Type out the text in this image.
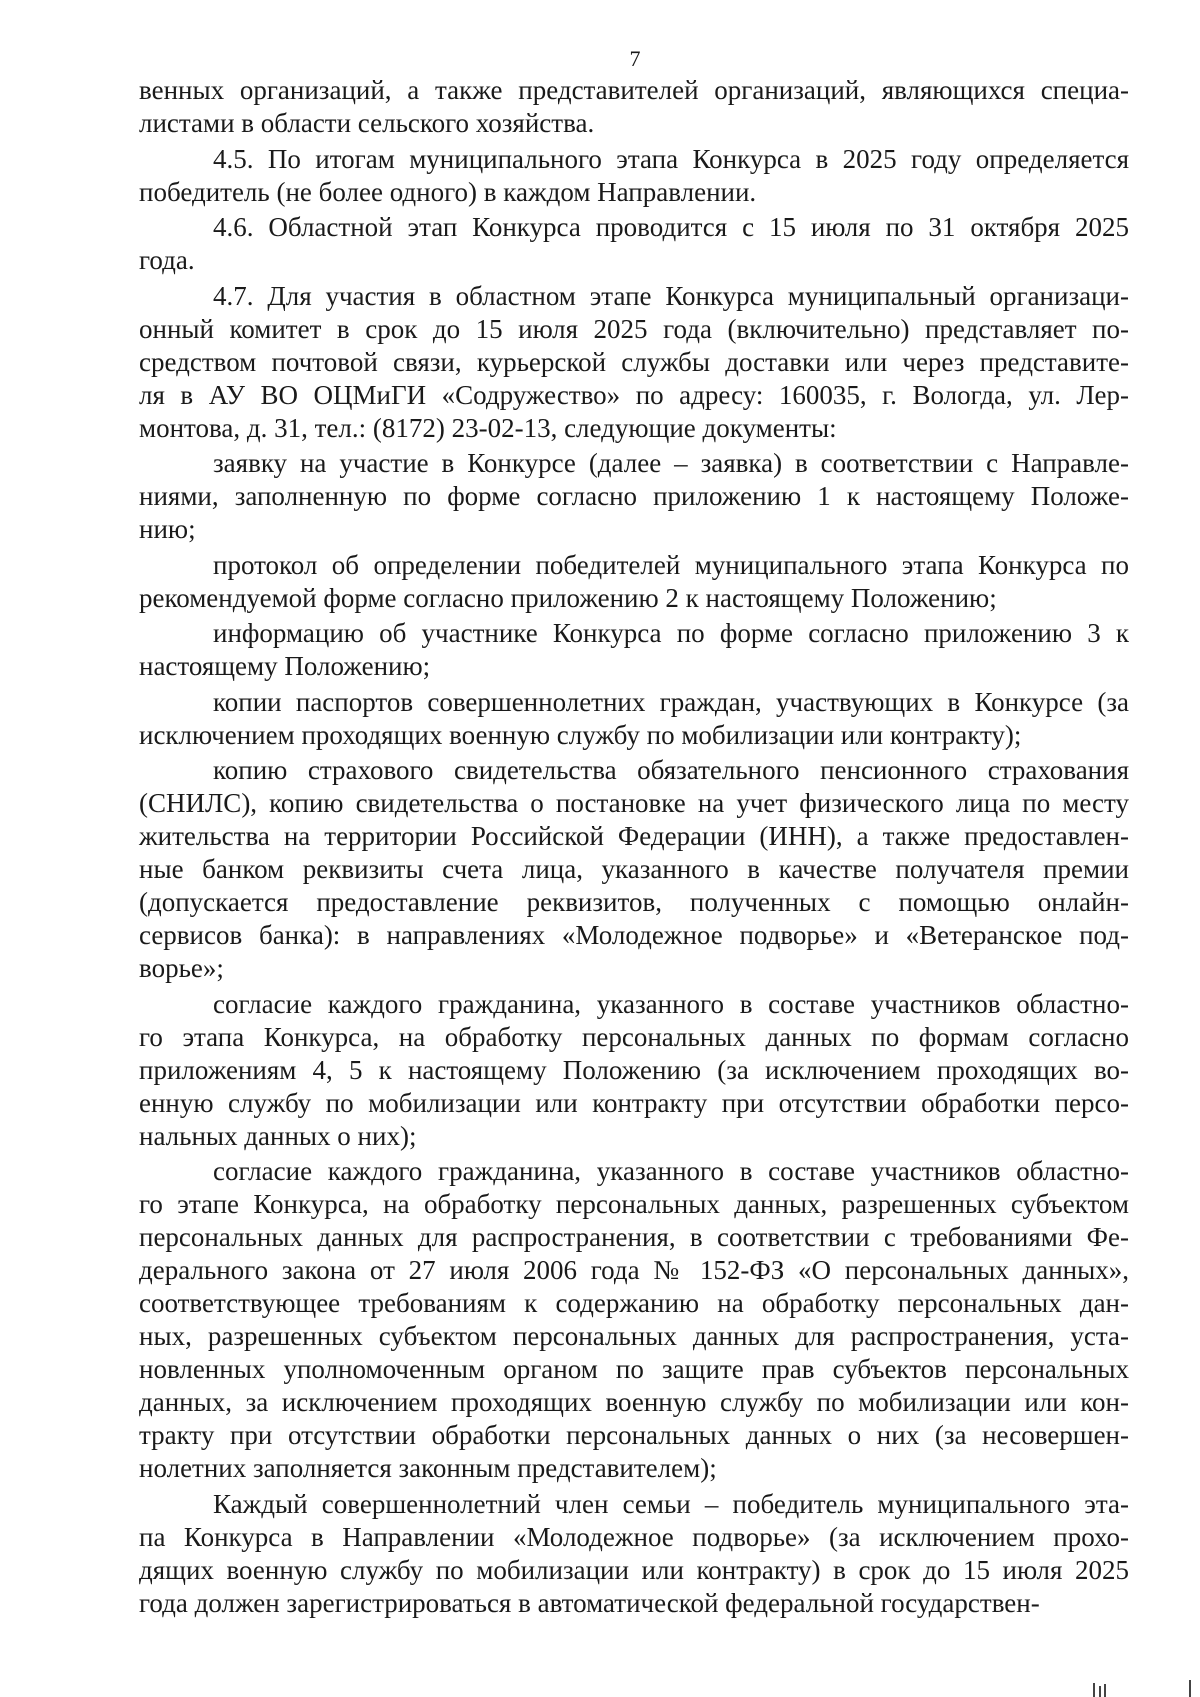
7
венных организаций, а также представителей организаций, являющихся специа-
листами в области сельского хозяйства.
4.5. По итогам муниципального этапа Конкурса в 2025 году определяется
победитель (не более одного) в каждом Направлении.
4.6. Областной этап Конкурса проводится с 15 июля по 31 октября 2025
года.
4.7. Для участия в областном этапе Конкурса муниципальный организаци-
онный комитет в срок до 15 июля 2025 года (включительно) представляет по-
средством почтовой связи, курьерской службы доставки или через представите-
ля в АУ ВО ОЦМиГИ «Содружество» по адресу: 160035, г. Вологда, ул. Лер-
монтова, д. 31, тел.: (8172) 23-02-13, следующие документы:
заявку на участие в Конкурсе (далее – заявка) в соответствии с Направле-
ниями, заполненную по форме согласно приложению 1 к настоящему Положе-
нию;
протокол об определении победителей муниципального этапа Конкурса по
рекомендуемой форме согласно приложению 2 к настоящему Положению;
информацию об участнике Конкурса по форме согласно приложению 3 к
настоящему Положению;
копии паспортов совершеннолетних граждан, участвующих в Конкурсе (за
исключением проходящих военную службу по мобилизации или контракту);
копию страхового свидетельства обязательного пенсионного страхования
(СНИЛС), копию свидетельства о постановке на учет физического лица по месту
жительства на территории Российской Федерации (ИНН), а также предоставлен-
ные банком реквизиты счета лица, указанного в качестве получателя премии
(допускается предоставление реквизитов, полученных с помощью онлайн-
сервисов банка): в направлениях «Молодежное подворье» и «Ветеранское под-
ворье»;
согласие каждого гражданина, указанного в составе участников областно-
го этапа Конкурса, на обработку персональных данных по формам согласно
приложениям 4, 5 к настоящему Положению (за исключением проходящих во-
енную службу по мобилизации или контракту при отсутствии обработки персо-
нальных данных о них);
согласие каждого гражданина, указанного в составе участников областно-
го этапе Конкурса, на обработку персональных данных, разрешенных субъектом
персональных данных для распространения, в соответствии с требованиями Фе-
дерального закона от 27 июля 2006 года № 152-ФЗ «О персональных данных»,
соответствующее требованиям к содержанию на обработку персональных дан-
ных, разрешенных субъектом персональных данных для распространения, уста-
новленных уполномоченным органом по защите прав субъектов персональных
данных, за исключением проходящих военную службу по мобилизации или кон-
тракту при отсутствии обработки персональных данных о них (за несовершен-
нолетних заполняется законным представителем);
Каждый совершеннолетний член семьи – победитель муниципального эта-
па Конкурса в Направлении «Молодежное подворье» (за исключением прохо-
дящих военную службу по мобилизации или контракту) в срок до 15 июля 2025
года должен зарегистрироваться в автоматической федеральной государствен-
